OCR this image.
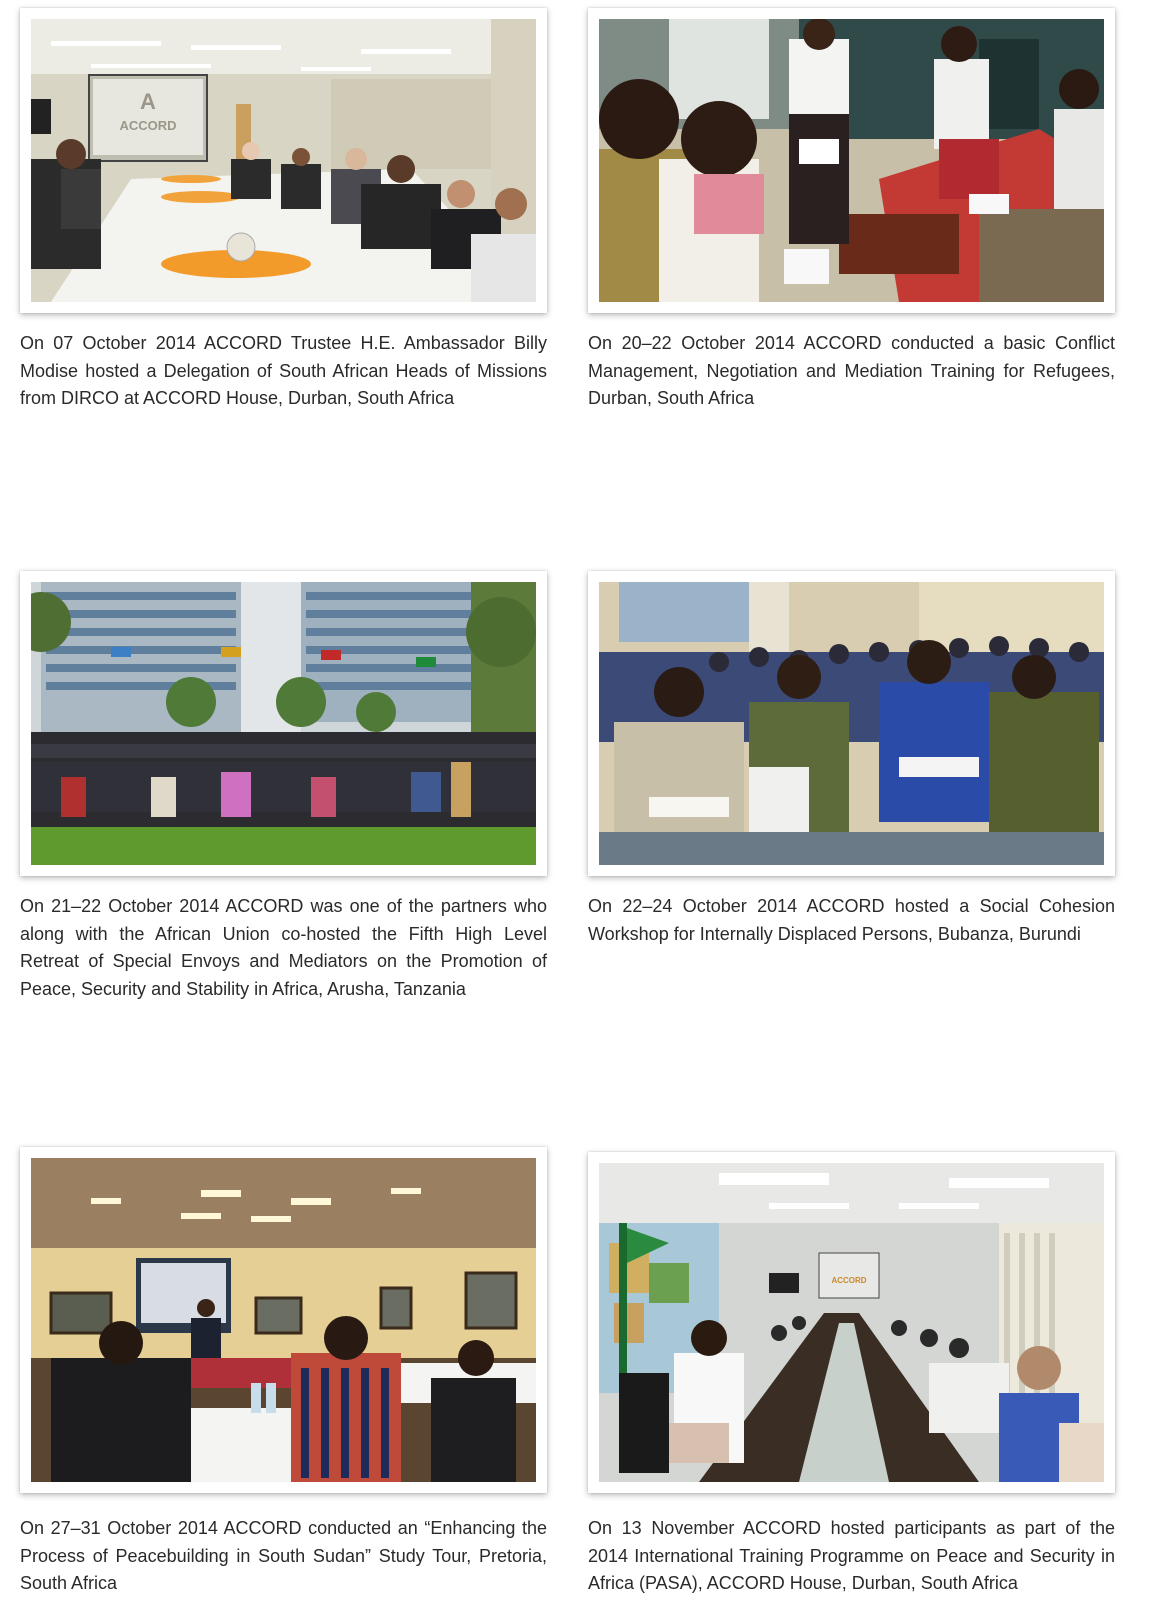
A
ACCORD

On 07 October 2014 ACCORD Trustee H.E. Ambassador Billy Modise hosted a Delegation of South African Heads of Missions from DIRCO at ACCORD House, Durban, South Africa

On 20–22 October 2014 ACCORD conducted a basic Conflict Management, Negotiation and Mediation Training for Refugees, Durban, South Africa

On 21–22 October 2014 ACCORD was one of the partners who along with the African Union co-hosted the Fifth High Level Retreat of Special Envoys and Mediators on the Promotion of Peace, Security and Stability in Africa, Arusha, Tanzania

On 22–24 October 2014 ACCORD hosted a Social Cohesion Workshop for Internally Displaced Persons, Bubanza, Burundi

On 27–31 October 2014 ACCORD conducted an “Enhancing the Process of Peacebuilding in South Sudan” Study Tour, Pretoria, South Africa

ACCORD

On 13 November ACCORD hosted participants as part of the 2014 International Training Programme on Peace and Security in Africa (PASA), ACCORD House, Durban, South Africa
